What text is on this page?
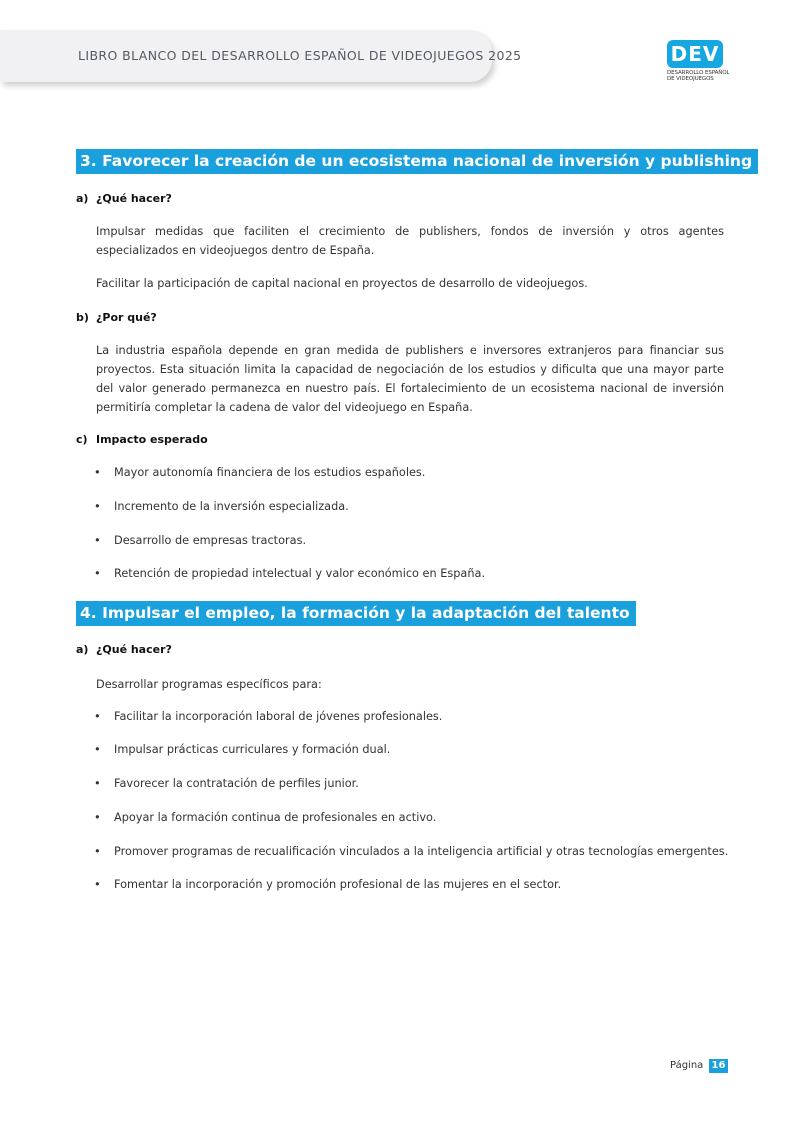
LIBRO BLANCO DEL DESARROLLO ESPAÑOL DE VIDEOJUEGOS 2025	DEV
DESARROLLO ESPAÑOL
DE VIDEOJUEGOS
3. Favorecer la creación de un ecosistema nacional de inversión y publishing
a) ¿Qué hacer?

Impulsar medidas que faciliten el crecimiento de publishers, fondos de inversión y otros agentes especializados en videojuegos dentro de España.

Facilitar la participación de capital nacional en proyectos de desarrollo de videojuegos.

b) ¿Por qué?

La industria española depende en gran medida de publishers e inversores extranjeros para financiar sus proyectos. Esta situación limita la capacidad de negociación de los estudios y dificulta que una mayor parte del valor generado permanezca en nuestro país. El fortalecimiento de un ecosistema nacional de inversión permitiría completar la cadena de valor del videojuego en España.

c) Impacto esperado
• Mayor autonomía financiera de los estudios españoles.
• Incremento de la inversión especializada.
• Desarrollo de empresas tractoras.
• Retención de propiedad intelectual y valor económico en España.
4. Impulsar el empleo, la formación y la adaptación del talento
a) ¿Qué hacer?

Desarrollar programas específicos para:

• Facilitar la incorporación laboral de jóvenes profesionales.
• Impulsar prácticas curriculares y formación dual.
• Favorecer la contratación de perfiles junior.
• Apoyar la formación continua de profesionales en activo.
• Promover programas de recualificación vinculados a la inteligencia artificial y otras tecnologías emergentes.
• Fomentar la incorporación y promoción profesional de las mujeres en el sector.
Página 16
